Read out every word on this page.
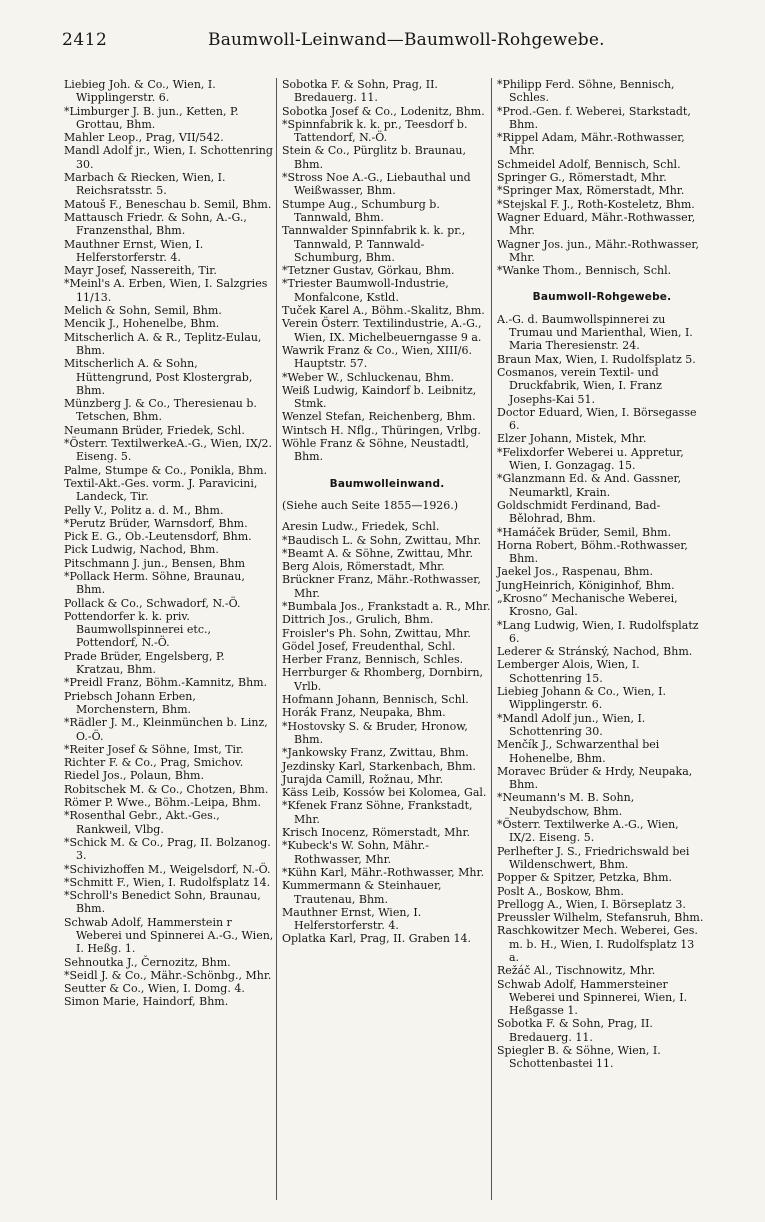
2412	Baumwoll-Leinwand—Baumwoll-Rohgewebe.

Liebieg Joh. & Co., Wien, I. Wipplingerstr. 6.

*Limburger J. B. jun., Ketten, P. Grottau, Bhm.

Mahler Leop., Prag, VII/542.

Mandl Adolf jr., Wien, I. Schottenring 30.

Marbach & Riecken, Wien, I. Reichsratsstr. 5.

Matouš F., Beneschau b. Semil, Bhm.

Mattausch Friedr. & Sohn, A.-G., Franzensthal, Bhm.

Mauthner Ernst, Wien, I. Helferstorferstr. 4.

Mayr Josef, Nassereith, Tir.

*Meinl's A. Erben, Wien, I. Salzgries 11/13.

Melich & Sohn, Semil, Bhm.

Mencik J., Hohenelbe, Bhm.

Mitscherlich A. & R., Teplitz-Eulau, Bhm.

Mitscherlich A. & Sohn, Hüttengrund, Post Klostergrab, Bhm.

Münzberg J. & Co., Theresienau b. Tetschen, Bhm.

Neumann Brüder, Friedek, Schl.

*Österr. TextilwerkeA.-G., Wien, IX/2. Eiseng. 5.

Palme, Stumpe & Co., Ponikla, Bhm.

Textil-Akt.-Ges. vorm. J. Paravicini, Landeck, Tir.

Pelly V., Politz a. d. M., Bhm.

*Perutz Brüder, Warnsdorf, Bhm.

Pick E. G., Ob.-Leutensdorf, Bhm.

Pick Ludwig, Nachod, Bhm.

Pitschmann J. jun., Bensen, Bhm

*Pollack Herm. Söhne, Braunau, Bhm.

Pollack & Co., Schwadorf, N.-Ö.

Pottendorfer k. k. priv. Baumwollspinnerei etc., Pottendorf, N.-Ö.

Prade Brüder, Engelsberg, P. Kratzau, Bhm.

*Preidl Franz, Böhm.-Kamnitz, Bhm.

Priebsch Johann Erben, Morchenstern, Bhm.

*Rädler J. M., Kleinmünchen b. Linz, O.-Ö.

*Reiter Josef & Söhne, Imst, Tir.

Richter F. & Co., Prag, Smichov.

Riedel Jos., Polaun, Bhm.

Robitschek M. & Co., Chotzen, Bhm.

Römer P. Wwe., Böhm.-Leipa, Bhm.

*Rosenthal Gebr., Akt.-Ges., Rankweil, Vlbg.

*Schick M. & Co., Prag, II. Bolzanog. 3.

*Schivizhoffen M., Weigelsdorf, N.-Ö.

*Schmitt F., Wien, I. Rudolfsplatz 14.

*Schroll's Benedict Sohn, Braunau, Bhm.

Schwab Adolf, Hammerstein r Weberei und Spinnerei A.-G., Wien, I. Heßg. 1.

Sehnoutka J., Černozitz, Bhm.

*Seidl J. & Co., Mähr.-Schönbg., Mhr.

Seutter & Co., Wien, I. Domg. 4.

Simon Marie, Haindorf, Bhm.

Sobotka F. & Sohn, Prag, II. Bredauerg. 11.

Sobotka Josef & Co., Lodenitz, Bhm.

*Spinnfabrik k. k. pr., Teesdorf b. Tattendorf, N.-Ö.

Stein & Co., Pürglitz b. Braunau, Bhm.

*Stross Noe A.-G., Liebauthal und Weißwasser, Bhm.

Stumpe Aug., Schumburg b. Tannwald, Bhm.

Tannwalder Spinnfabrik k. k. pr., Tannwald, P. Tannwald-Schumburg, Bhm.

*Tetzner Gustav, Görkau, Bhm.

*Triester Baumwoll-Industrie, Monfalcone, Kstld.

Tuček Karel A., Böhm.-Skalitz, Bhm.

Verein Österr. Textilindustrie, A.-G., Wien, IX. Michelbeuerngasse 9 a.

Wawrik Franz & Co., Wien, XIII/6. Hauptstr. 57.

*Weber W., Schluckenau, Bhm.

Weiß Ludwig, Kaindorf b. Leibnitz, Stmk.

Wenzel Stefan, Reichenberg, Bhm.

Wintsch H. Nflg., Thüringen, Vrlbg.

Wöhle Franz & Söhne, Neustadtl, Bhm.

Baumwolleinwand.
(Siehe auch Seite 1855—1926.)

Aresin Ludw., Friedek, Schl.

*Baudisch L. & Sohn, Zwittau, Mhr.

*Beamt A. & Söhne, Zwittau, Mhr.

Berg Alois, Römerstadt, Mhr.

Brückner Franz, Mähr.-Rothwasser, Mhr.

*Bumbala Jos., Frankstadt a. R., Mhr.

Dittrich Jos., Grulich, Bhm.

Froisler's Ph. Sohn, Zwittau, Mhr.

Gödel Josef, Freudenthal, Schl.

Herber Franz, Bennisch, Schles.

Herrburger & Rhomberg, Dornbirn, Vrlb.

Hofmann Johann, Bennisch, Schl.

Horák Franz, Neupaka, Bhm.

*Hostovsky S. & Bruder, Hronow, Bhm.

*Jankowsky Franz, Zwittau, Bhm.

Jezdinsky Karl, Starkenbach, Bhm.

Jurajda Camill, Rožnau, Mhr.

Käss Leib, Kossów bei Kolomea, Gal.

*Kfenek Franz Söhne, Frankstadt, Mhr.

Krisch Inocenz, Römerstadt, Mhr.

*Kubeck's W. Sohn, Mähr.-Rothwasser, Mhr.

*Kühn Karl, Mähr.-Rothwasser, Mhr.

Kummermann & Steinhauer, Trautenau, Bhm.

Mauthner Ernst, Wien, I. Helferstorferstr. 4.

Oplatka Karl, Prag, II. Graben 14.

*Philipp Ferd. Söhne, Bennisch, Schles.

*Prod.-Gen. f. Weberei, Starkstadt, Bhm.

*Rippel Adam, Mähr.-Rothwasser, Mhr.

Schmeidel Adolf, Bennisch, Schl.

Springer G., Römerstadt, Mhr.

*Springer Max, Römerstadt, Mhr.

*Stejskal F. J., Roth-Kosteletz, Bhm.

Wagner Eduard, Mähr.-Rothwasser, Mhr.

Wagner Jos. jun., Mähr.-Rothwasser, Mhr.

*Wanke Thom., Bennisch, Schl.

Baumwoll-Rohgewebe.

A.-G. d. Baumwollspinnerei zu Trumau und Marienthal, Wien, I. Maria Theresienstr. 24.

Braun Max, Wien, I. Rudolfsplatz 5.

Cosmanos, verein Textil- und Druckfabrik, Wien, I. Franz Josephs-Kai 51.

Doctor Eduard, Wien, I. Börsegasse 6.

Elzer Johann, Mistek, Mhr.

*Felixdorfer Weberei u. Appretur, Wien, I. Gonzagag. 15.

*Glanzmann Ed. & And. Gassner, Neumarktl, Krain.

Goldschmidt Ferdinand, Bad-Bělohrad, Bhm.

*Hamáček Brüder, Semil, Bhm.

Horna Robert, Böhm.-Rothwasser, Bhm.

Jaekel Jos., Raspenau, Bhm.

JungHeinrich, Königinhof, Bhm.

„Krosno“ Mechanische Weberei, Krosno, Gal.

*Lang Ludwig, Wien, I. Rudolfsplatz 6.

Lederer & Stránský, Nachod, Bhm.

Lemberger Alois, Wien, I. Schottenring 15.

Liebieg Johann & Co., Wien, I. Wipplingerstr. 6.

*Mandl Adolf jun., Wien, I. Schottenring 30.

Menčík J., Schwarzenthal bei Hohenelbe, Bhm.

Moravec Brüder & Hrdy, Neupaka, Bhm.

*Neumann's M. B. Sohn, Neubydschow, Bhm.

*Österr. Textilwerke A.-G., Wien, IX/2. Eiseng. 5.

Perlhefter J. S., Friedrichswald bei Wildenschwert, Bhm.

Popper & Spitzer, Petzka, Bhm.

Poslt A., Boskow, Bhm.

Prellogg A., Wien, I. Börseplatz 3.

Preussler Wilhelm, Stefansruh, Bhm.

Raschkowitzer Mech. Weberei, Ges. m. b. H., Wien, I. Rudolfsplatz 13 a.

Režáč Al., Tischnowitz, Mhr.

Schwab Adolf, Hammersteiner Weberei und Spinnerei, Wien, I. Heßgasse 1.

Sobotka F. & Sohn, Prag, II. Bredauerg. 11.

Spiegler B. & Söhne, Wien, I. Schottenbastei 11.
